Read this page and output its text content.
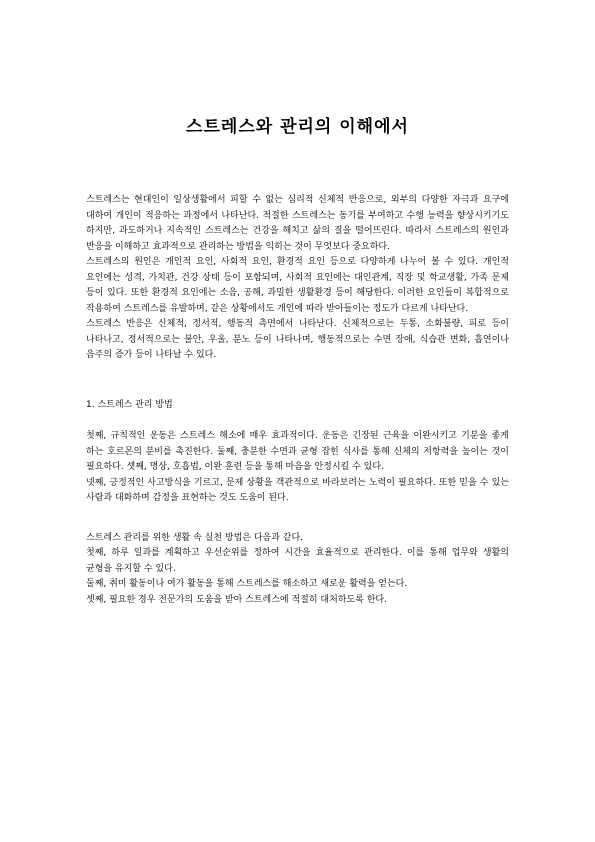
스트레스와 관리의 이해에서

스트레스는 현대인이 일상생활에서 피할 수 없는 심리적 신체적 반응으로, 외부의 다양한 자극과 요구에 대하여 개인이 적응하는 과정에서 나타난다. 적절한 스트레스는 동기를 부여하고 수행 능력을 향상시키기도 하지만, 과도하거나 지속적인 스트레스는 건강을 해치고 삶의 질을 떨어뜨린다. 따라서 스트레스의 원인과 반응을 이해하고 효과적으로 관리하는 방법을 익히는 것이 무엇보다 중요하다.

스트레스의 원인은 개인적 요인, 사회적 요인, 환경적 요인 등으로 다양하게 나누어 볼 수 있다. 개인적 요인에는 성격, 가치관, 건강 상태 등이 포함되며, 사회적 요인에는 대인관계, 직장 및 학교생활, 가족 문제 등이 있다. 또한 환경적 요인에는 소음, 공해, 과밀한 생활환경 등이 해당한다. 이러한 요인들이 복합적으로 작용하여 스트레스를 유발하며, 같은 상황에서도 개인에 따라 받아들이는 정도가 다르게 나타난다.

스트레스 반응은 신체적, 정서적, 행동적 측면에서 나타난다. 신체적으로는 두통, 소화불량, 피로 등이 나타나고, 정서적으로는 불안, 우울, 분노 등이 나타나며, 행동적으로는 수면 장애, 식습관 변화, 흡연이나 음주의 증가 등이 나타날 수 있다.

1. 스트레스 관리 방법

첫째, 규칙적인 운동은 스트레스 해소에 매우 효과적이다. 운동은 긴장된 근육을 이완시키고 기분을 좋게 하는 호르몬의 분비를 촉진한다. 둘째, 충분한 수면과 균형 잡힌 식사를 통해 신체의 저항력을 높이는 것이 필요하다. 셋째, 명상, 호흡법, 이완 훈련 등을 통해 마음을 안정시킬 수 있다.

넷째, 긍정적인 사고방식을 기르고, 문제 상황을 객관적으로 바라보려는 노력이 필요하다. 또한 믿을 수 있는 사람과 대화하며 감정을 표현하는 것도 도움이 된다.

스트레스 관리를 위한 생활 속 실천 방법은 다음과 같다.

첫째, 하루 일과를 계획하고 우선순위를 정하여 시간을 효율적으로 관리한다. 이를 통해 업무와 생활의 균형을 유지할 수 있다.

둘째, 취미 활동이나 여가 활동을 통해 스트레스를 해소하고 새로운 활력을 얻는다.

셋째, 필요한 경우 전문가의 도움을 받아 스트레스에 적절히 대처하도록 한다.
